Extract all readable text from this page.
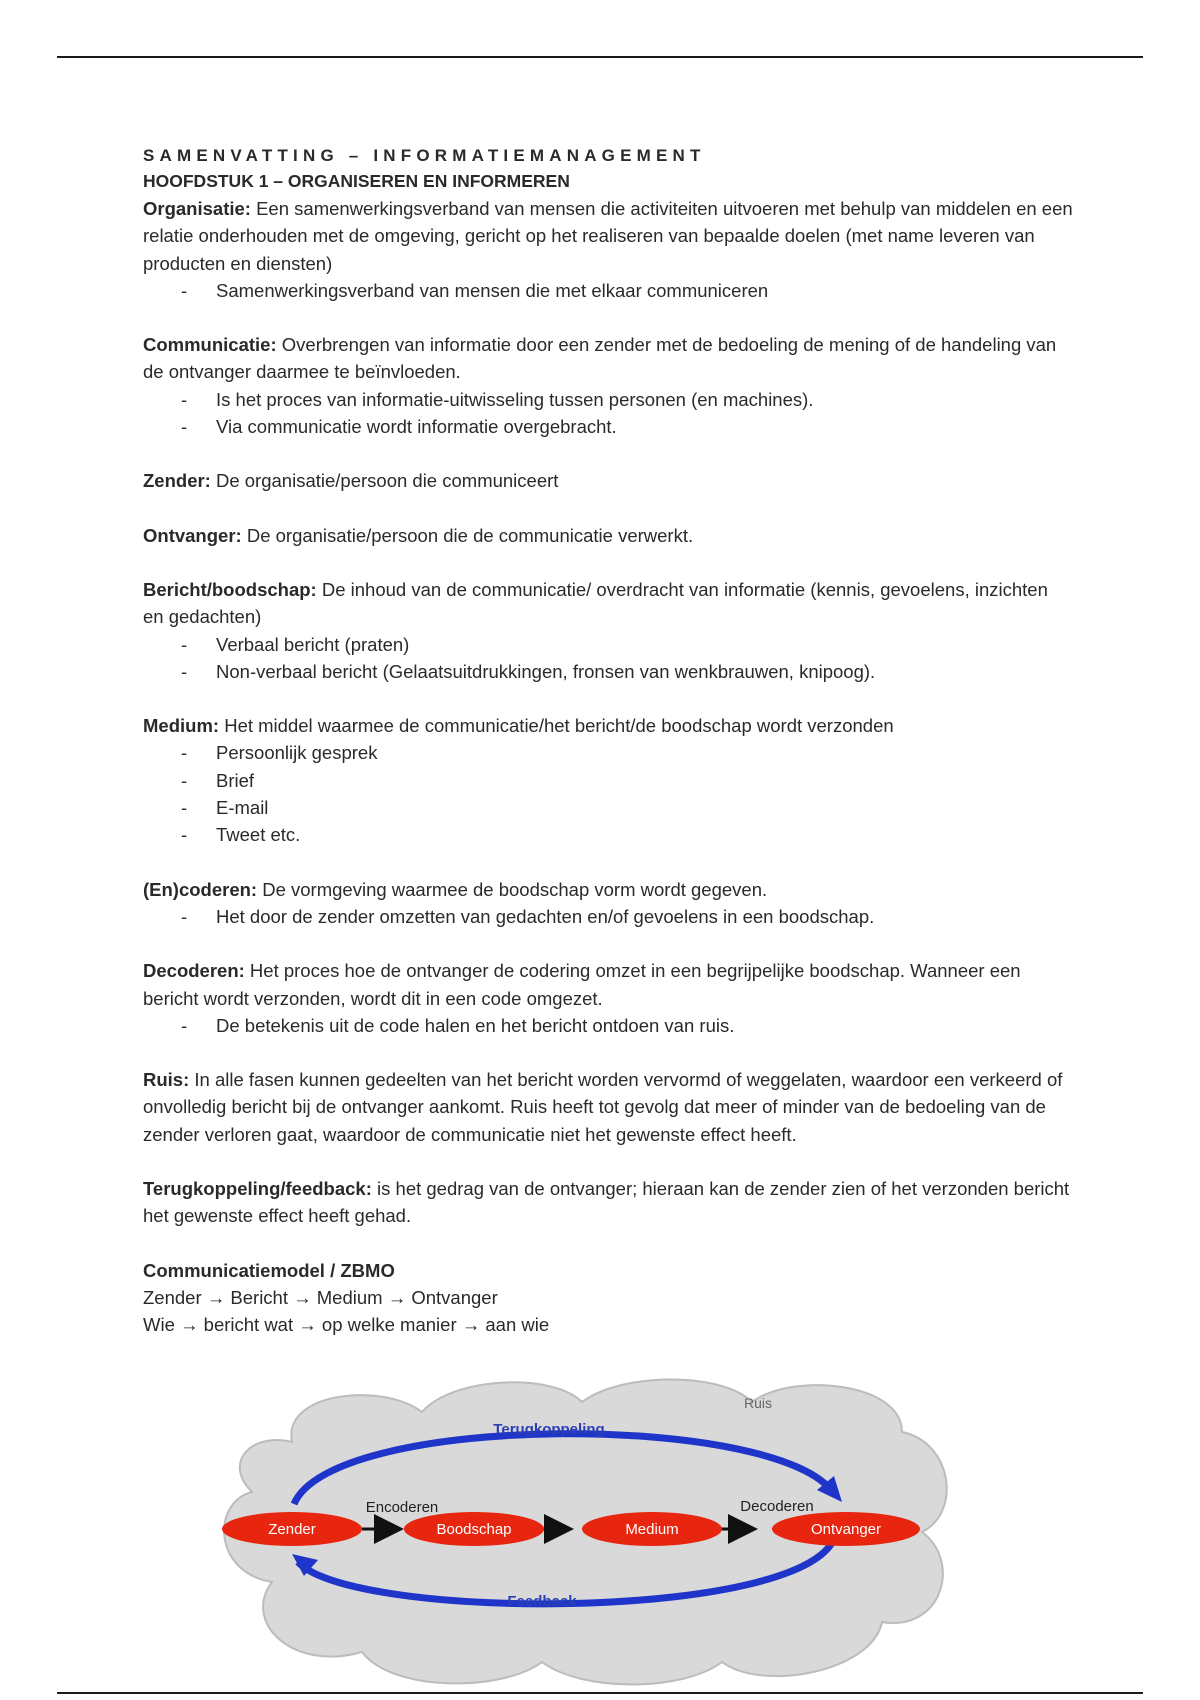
SAMENVATTING – INFORMATIEMANAGEMENT
HOOFDSTUK 1 – ORGANISEREN EN INFORMEREN

Organisatie: Een samenwerkingsverband van mensen die activiteiten uitvoeren met behulp van middelen en een relatie onderhouden met de omgeving, gericht op het realiseren van bepaalde doelen (met name leveren van producten en diensten)

- Samenwerkingsverband van mensen die met elkaar communiceren

Communicatie: Overbrengen van informatie door een zender met de bedoeling de mening of de handeling van de ontvanger daarmee te beïnvloeden.

- Is het proces van informatie-uitwisseling tussen personen (en machines).
- Via communicatie wordt informatie overgebracht.

Zender: De organisatie/persoon die communiceert

Ontvanger: De organisatie/persoon die de communicatie verwerkt.

Bericht/boodschap: De inhoud van de communicatie/ overdracht van informatie (kennis, gevoelens, inzichten en gedachten)

- Verbaal bericht (praten)
- Non-verbaal bericht (Gelaatsuitdrukkingen, fronsen van wenkbrauwen, knipoog).

Medium: Het middel waarmee de communicatie/het bericht/de boodschap wordt verzonden

- Persoonlijk gesprek
- Brief
- E-mail
- Tweet etc.

(En)coderen: De vormgeving waarmee de boodschap vorm wordt gegeven.

- Het door de zender omzetten van gedachten en/of gevoelens in een boodschap.

Decoderen: Het proces hoe de ontvanger de codering omzet in een begrijpelijke boodschap. Wanneer een bericht wordt verzonden, wordt dit in een code omgezet.

- De betekenis uit de code halen en het bericht ontdoen van ruis.

Ruis: In alle fasen kunnen gedeelten van het bericht worden vervormd of weggelaten, waardoor een verkeerd of onvolledig bericht bij de ontvanger aankomt. Ruis heeft tot gevolg dat meer of minder van de bedoeling van de zender verloren gaat, waardoor de communicatie niet het gewenste effect heeft.

Terugkoppeling/feedback: is het gedrag van de ontvanger; hieraan kan de zender zien of het verzonden bericht het gewenste effect heeft gehad.

Communicatiemodel / ZBMO

Zender → Bericht → Medium → Ontvanger

Wie → bericht wat → op welke manier → aan wie

Ruis
Terugkoppeling
Feedback
Encoderen	Decoderen
Zender	Boodschap	Medium	Ontvanger
